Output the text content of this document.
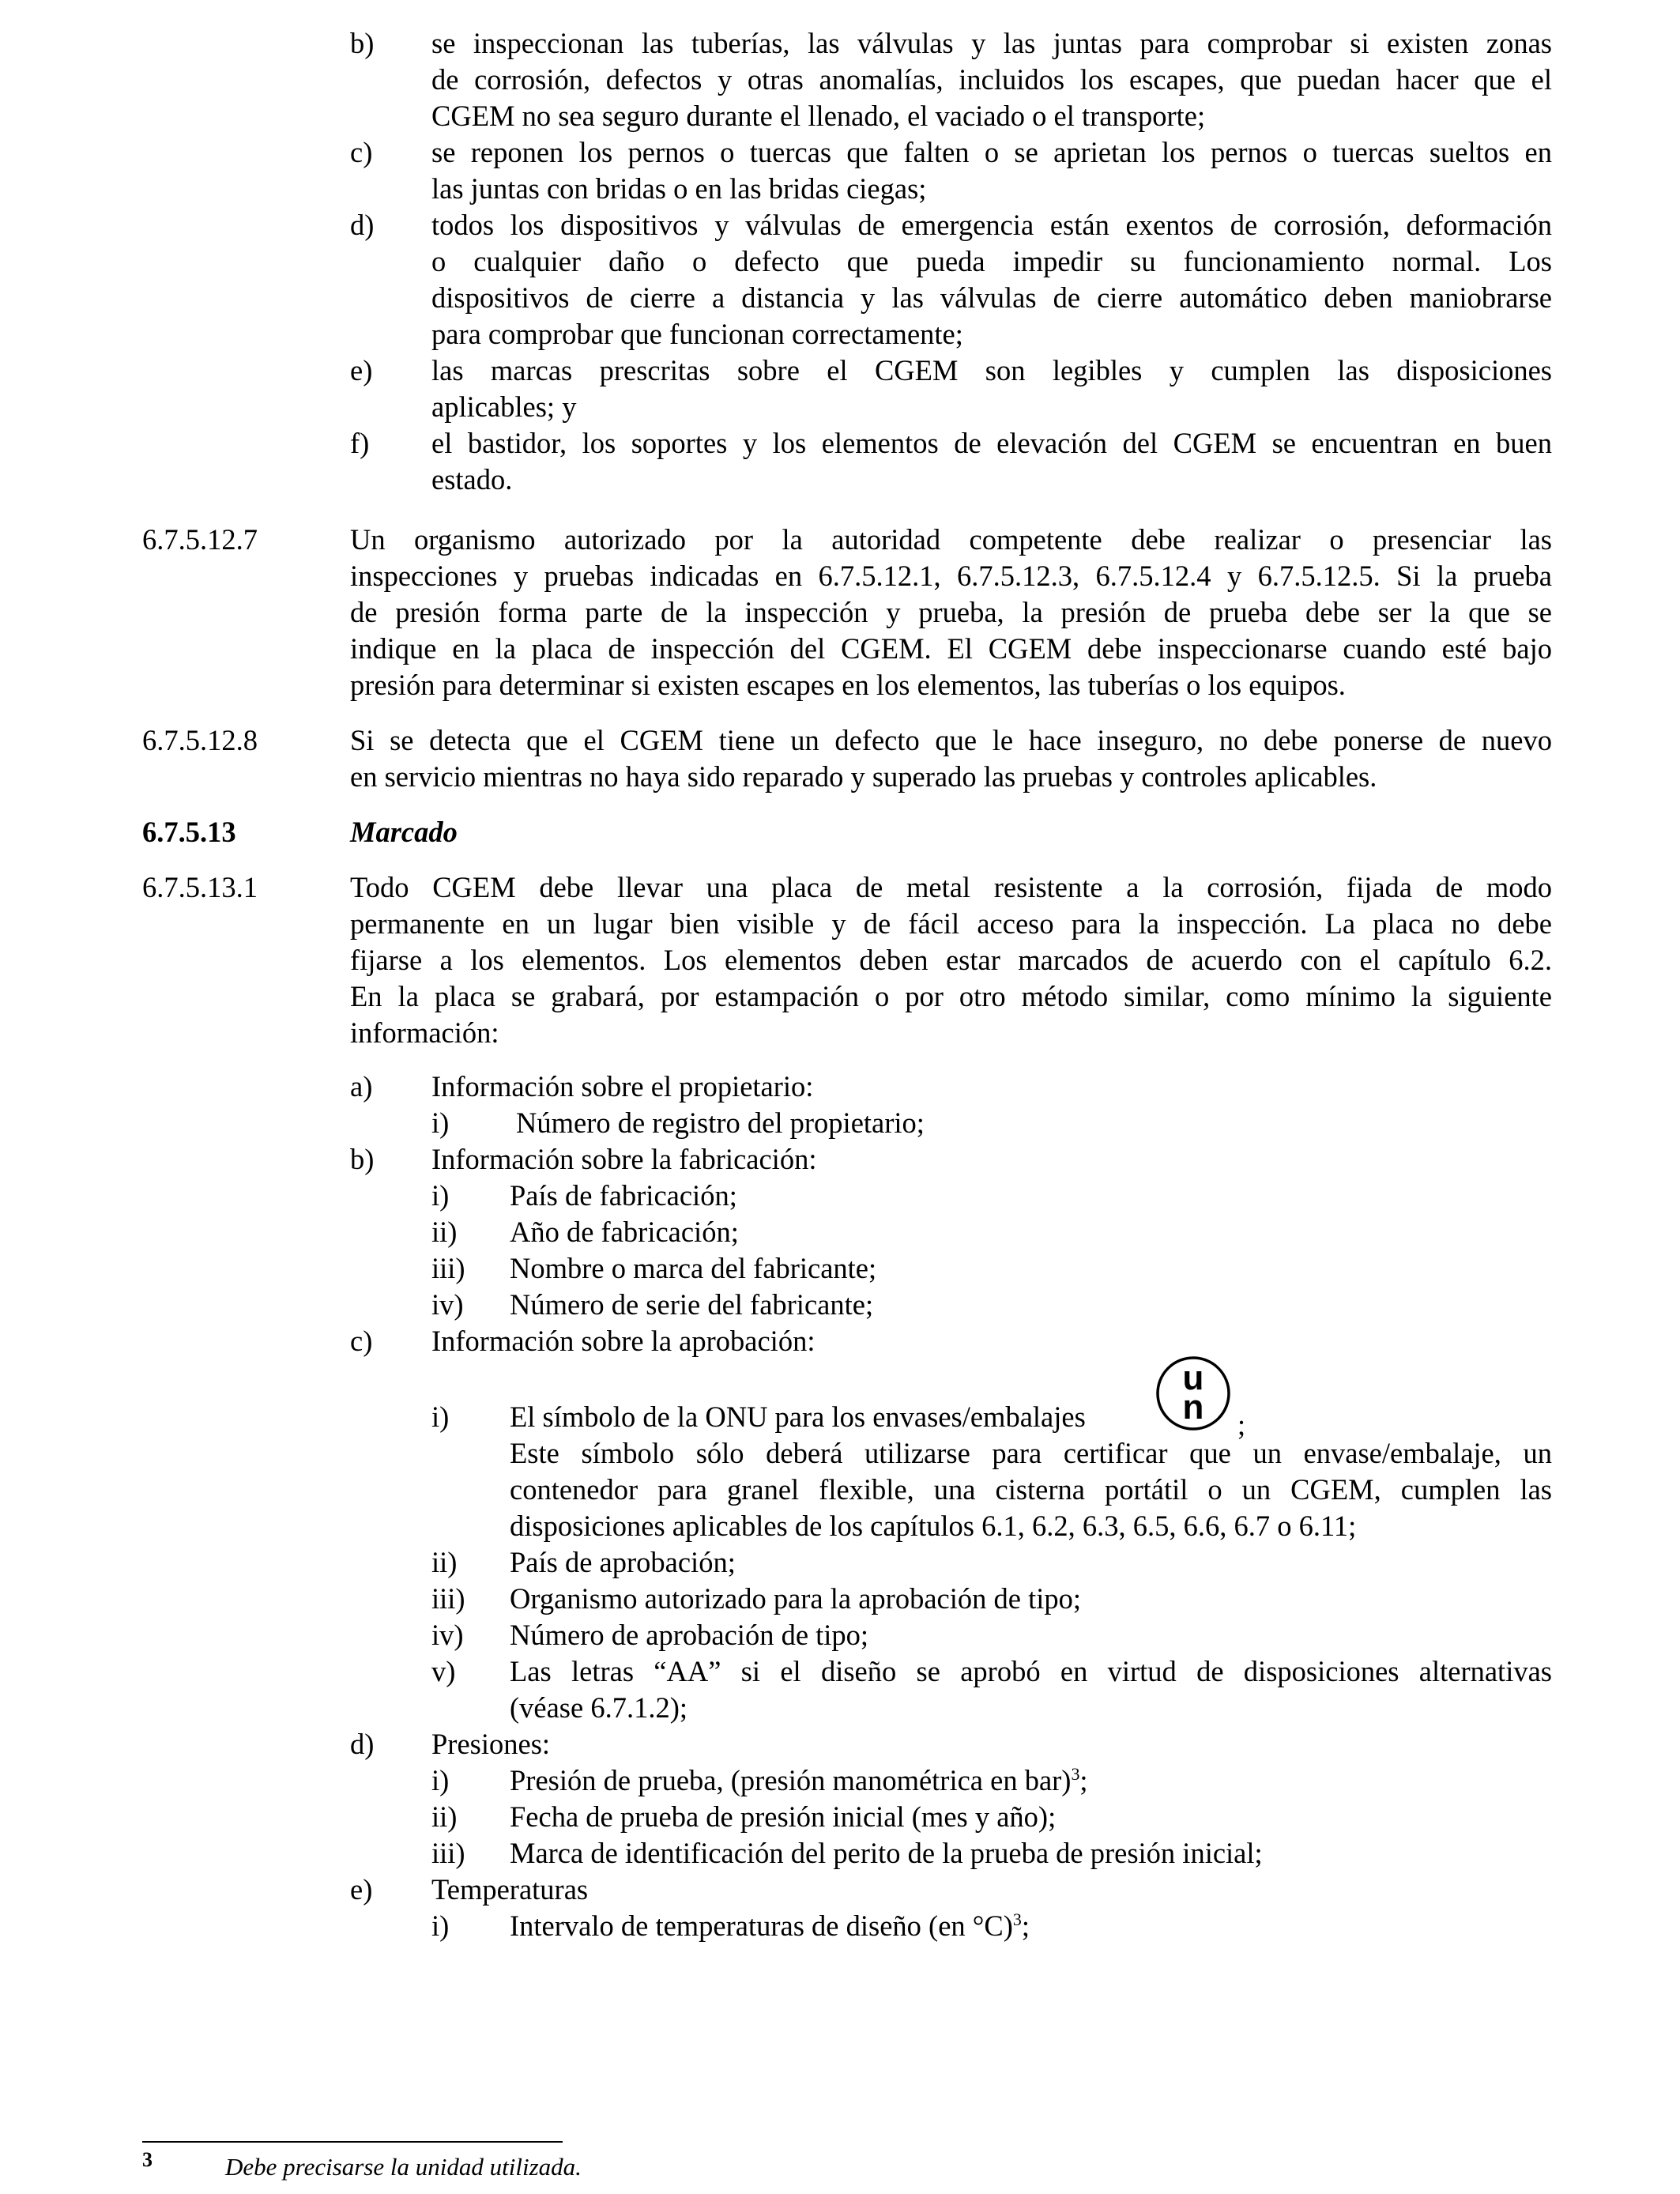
b) se inspeccionan las tuberías, las válvulas y las juntas para comprobar si existen zonas
de corrosión, defectos y otras anomalías, incluidos los escapes, que puedan hacer que el
CGEM no sea seguro durante el llenado, el vaciado o el transporte;
c) se reponen los pernos o tuercas que falten o se aprietan los pernos o tuercas sueltos en
las juntas con bridas o en las bridas ciegas;
d) todos los dispositivos y válvulas de emergencia están exentos de corrosión, deformación
o cualquier daño o defecto que pueda impedir su funcionamiento normal. Los
dispositivos de cierre a distancia y las válvulas de cierre automático deben maniobrarse
para comprobar que funcionan correctamente;
e) las marcas prescritas sobre el CGEM son legibles y cumplen las disposiciones
aplicables; y
f) el bastidor, los soportes y los elementos de elevación del CGEM se encuentran en buen
estado.
6.7.5.12.7	Un organismo autorizado por la autoridad competente debe realizar o presenciar las
inspecciones y pruebas indicadas en 6.7.5.12.1, 6.7.5.12.3, 6.7.5.12.4 y 6.7.5.12.5. Si la prueba
de presión forma parte de la inspección y prueba, la presión de prueba debe ser la que se
indique en la placa de inspección del CGEM. El CGEM debe inspeccionarse cuando esté bajo
presión para determinar si existen escapes en los elementos, las tuberías o los equipos.
6.7.5.12.8	Si se detecta que el CGEM tiene un defecto que le hace inseguro, no debe ponerse de nuevo
en servicio mientras no haya sido reparado y superado las pruebas y controles aplicables.
6.7.5.13	Marcado
6.7.5.13.1	Todo CGEM debe llevar una placa de metal resistente a la corrosión, fijada de modo
permanente en un lugar bien visible y de fácil acceso para la inspección. La placa no debe
fijarse a los elementos. Los elementos deben estar marcados de acuerdo con el capítulo 6.2.
En la placa se grabará, por estampación o por otro método similar, como mínimo la siguiente
información:
a) Información sobre el propietario:
i) Número de registro del propietario;
b) Información sobre la fabricación:
i) País de fabricación;
ii) Año de fabricación;
iii) Nombre o marca del fabricante;
iv) Número de serie del fabricante;
c) Información sobre la aprobación:
i) El símbolo de la ONU para los envases/embalajes
u
n ;
Este símbolo sólo deberá utilizarse para certificar que un envase/embalaje, un
contenedor para granel flexible, una cisterna portátil o un CGEM, cumplen las
disposiciones aplicables de los capítulos 6.1, 6.2, 6.3, 6.5, 6.6, 6.7 o 6.11;
ii) País de aprobación;
iii) Organismo autorizado para la aprobación de tipo;
iv) Número de aprobación de tipo;
v) Las letras “AA” si el diseño se aprobó en virtud de disposiciones alternativas
(véase 6.7.1.2);
d) Presiones:
i) Presión de prueba, (presión manométrica en bar)$^3$;
ii) Fecha de prueba de presión inicial (mes y año);
iii) Marca de identificación del perito de la prueba de presión inicial;
e) Temperaturas
i) Intervalo de temperaturas de diseño (en °C)$^3$;
3	Debe precisarse la unidad utilizada.
